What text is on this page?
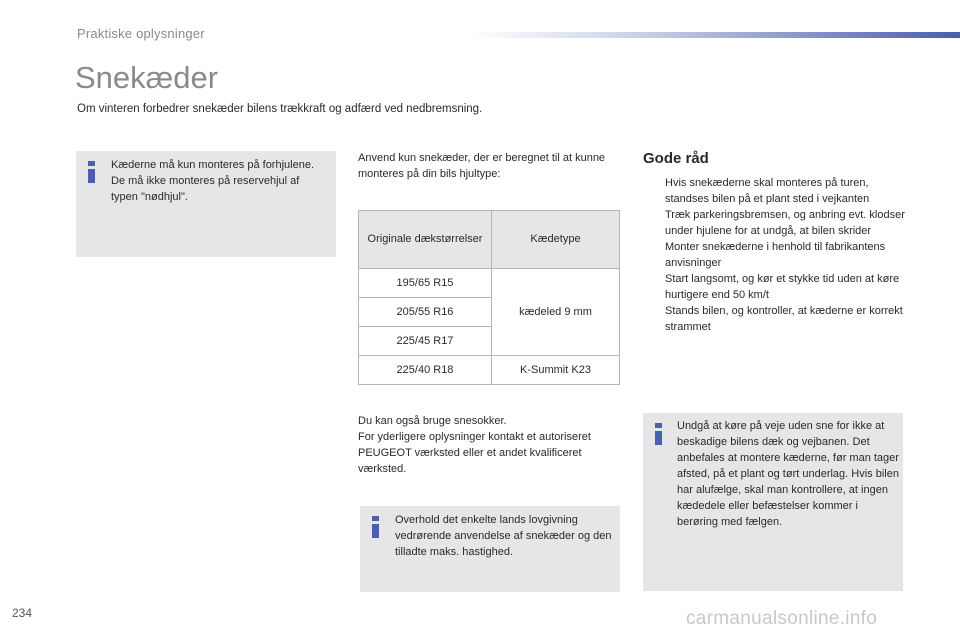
Praktiske oplysninger
Snekæder
Om vinteren forbedrer snekæder bilens trækkraft og adfærd ved nedbremsning.
Kæderne må kun monteres på forhjulene. De må ikke monteres på reservehjul af typen "nødhjul".
Anvend kun snekæder, der er beregnet til at kunne monteres på din bils hjultype:
Originale dækstørrelser	Kædetype
195/65 R15	kædeled 9 mm
205/55 R16	
225/45 R17	
225/40 R18	K-Summit K23
Du kan også bruge snesokker.
For yderligere oplysninger kontakt et autoriseret PEUGEOT værksted eller et andet kvalificeret værksted.
Overhold det enkelte lands lovgivning vedrørende anvendelse af snekæder og den tilladte maks. hastighed.
Gode råd
Hvis snekæderne skal monteres på turen, standses bilen på et plant sted i vejkanten
Træk parkeringsbremsen, og anbring evt. klodser under hjulene for at undgå, at bilen skrider
Monter snekæderne i henhold til fabrikantens anvisninger
Start langsomt, og kør et stykke tid uden at køre hurtigere end 50 km/t
Stands bilen, og kontroller, at kæderne er korrekt strammet
Undgå at køre på veje uden sne for ikke at beskadige bilens dæk og vejbanen. Det anbefales at montere kæderne, før man tager afsted, på et plant og tørt underlag. Hvis bilen har alufælge, skal man kontrollere, at ingen kædedele eller befæstelser kommer i berøring med fælgen.
234	carmanualsonline.info
